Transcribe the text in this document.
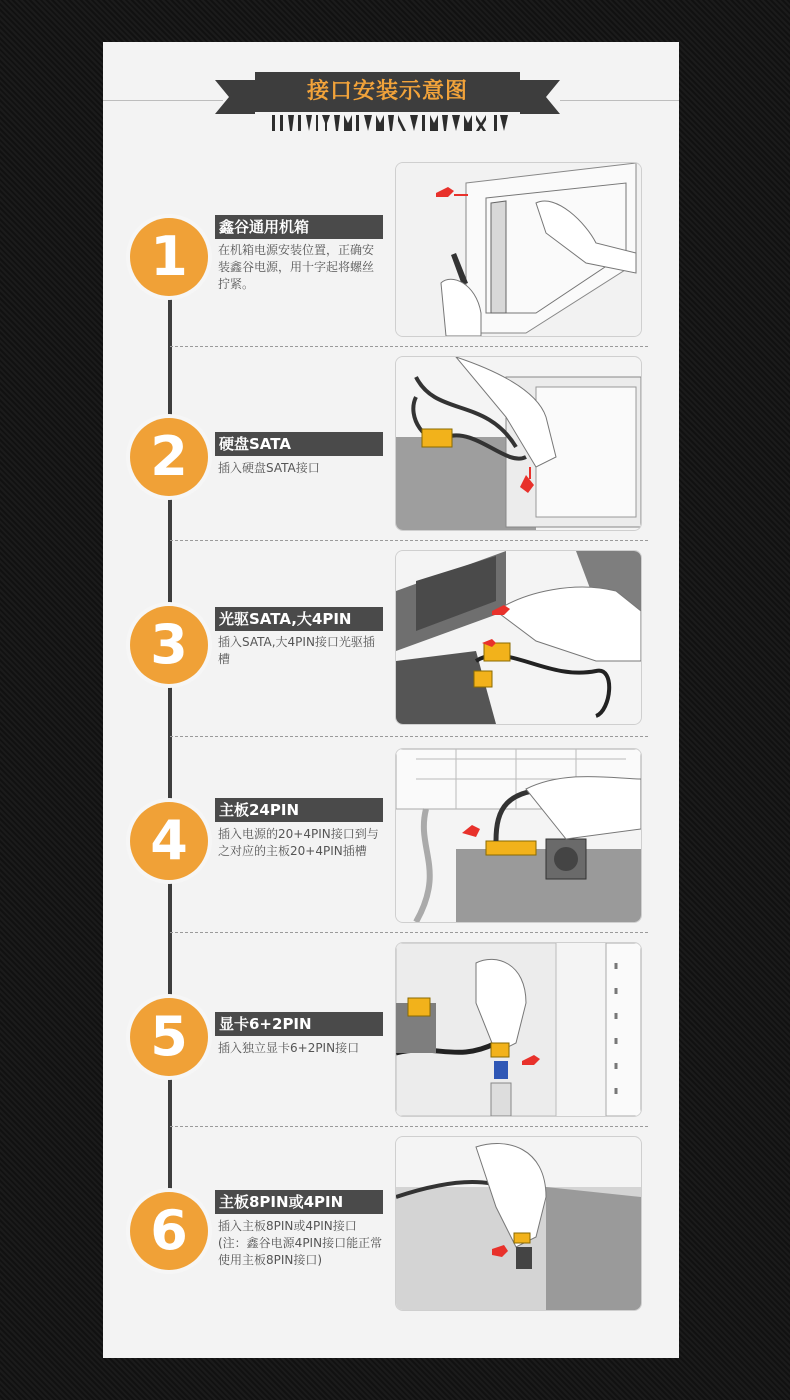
接口安装示意图
1	鑫谷通用机箱
在机箱电源安装位置，正确安装鑫谷电源，用十字起将螺丝拧紧。
2	硬盘SATA
插入硬盘SATA接口
3	光驱SATA,大4PIN
插入SATA,大4PIN接口光驱插槽
4	主板24PIN
插入电源的20+4PIN接口到与之对应的主板20+4PIN插槽
5	显卡6+2PIN
插入独立显卡6+2PIN接口
6	主板8PIN或4PIN
插入主板8PIN或4PIN接口(注：鑫谷电源4PIN接口能正常使用主板8PIN接口)
